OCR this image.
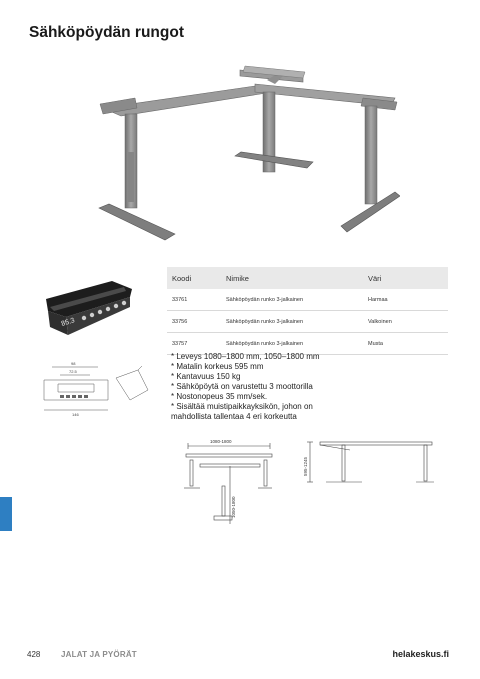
Sähköpöydän rungot
85.3
98
72.5
146
Koodi	Nimike	Väri
33761	Sähköpöydän runko 3-jalkainen	Harmaa
33756	Sähköpöydän runko 3-jalkainen	Valkoinen
33757	Sähköpöydän runko 3-jalkainen	Musta
* Leveys 1080–1800 mm, 1050–1800 mm
* Matalin korkeus 595 mm
* Kantavuus 150 kg
* Sähköpöytä on varustettu 3 moottorilla
* Nostonopeus 35 mm/sek.
* Sisältää muistipaikkayksikön, johon on mahdollista tallentaa 4 eri korkeutta
1080-1800
1050-1800
595-1245
428	JALAT JA PYÖRÄT	helakeskus.fi
